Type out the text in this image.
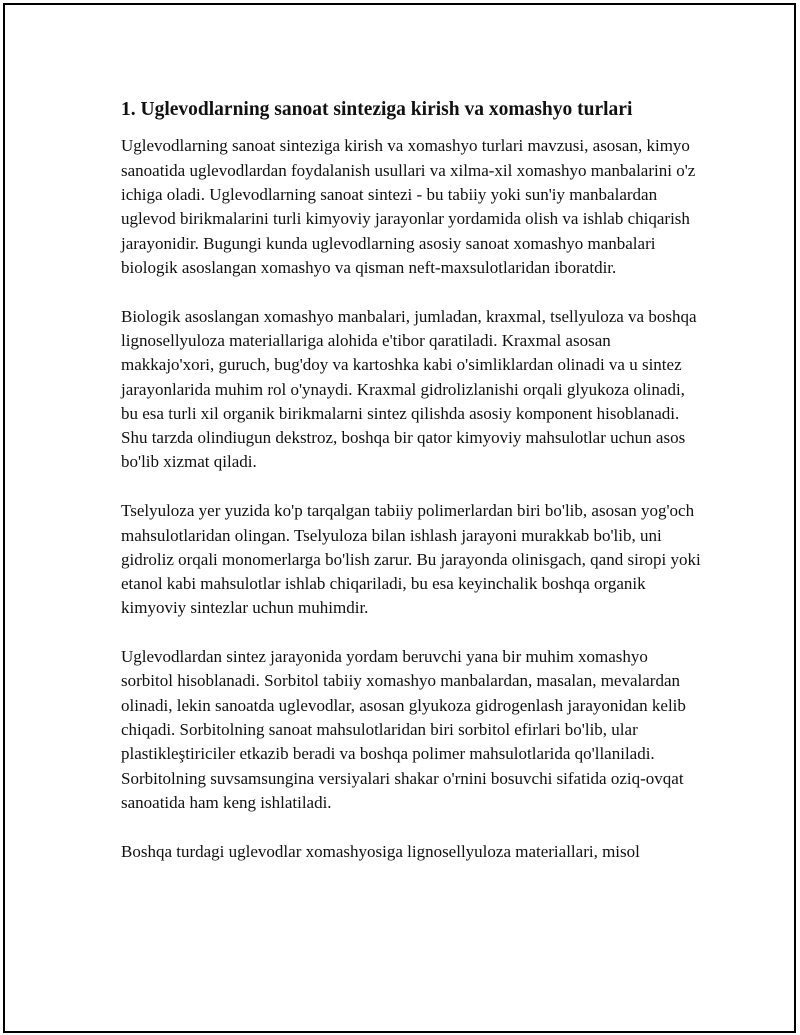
1. Uglevodlarning sanoat sinteziga kirish va xomashyo turlari

Uglevodlarning sanoat sinteziga kirish va xomashyo turlari mavzusi, asosan, kimyo sanoatida uglevodlardan foydalanish usullari va xilma-xil xomashyo manbalarini o'z ichiga oladi. Uglevodlarning sanoat sintezi - bu tabiiy yoki sun'iy manbalardan uglevod birikmalarini turli kimyoviy jarayonlar yordamida olish va ishlab chiqarish jarayonidir. Bugungi kunda uglevodlarning asosiy sanoat xomashyo manbalari biologik asoslangan xomashyo va qisman neft-maxsulotlaridan iboratdir.

Biologik asoslangan xomashyo manbalari, jumladan, kraxmal, tsellyuloza va boshqa lignosellyuloza materiallariga alohida e'tibor qaratiladi. Kraxmal asosan makkajo'xori, guruch, bug'doy va kartoshka kabi o'simliklardan olinadi va u sintez jarayonlarida muhim rol o'ynaydi. Kraxmal gidrolizlanishi orqali glyukoza olinadi, bu esa turli xil organik birikmalarni sintez qilishda asosiy komponent hisoblanadi. Shu tarzda olindiugun dekstroz, boshqa bir qator kimyoviy mahsulotlar uchun asos bo'lib xizmat qiladi.

Tselyuloza yer yuzida ko'p tarqalgan tabiiy polimerlardan biri bo'lib, asosan yog'och mahsulotlaridan olingan. Tselyuloza bilan ishlash jarayoni murakkab bo'lib, uni gidroliz orqali monomerlarga bo'lish zarur. Bu jarayonda olinisgach, qand siropi yoki etanol kabi mahsulotlar ishlab chiqariladi, bu esa keyinchalik boshqa organik kimyoviy sintezlar uchun muhimdir.

Uglevodlardan sintez jarayonida yordam beruvchi yana bir muhim xomashyo sorbitol hisoblanadi. Sorbitol tabiiy xomashyo manbalardan, masalan, mevalardan olinadi, lekin sanoatda uglevodlar, asosan glyukoza gidrogenlash jarayonidan kelib chiqadi. Sorbitolning sanoat mahsulotlaridan biri sorbitol efirlari bo'lib, ular plastikleştiriciler etkazib beradi va boshqa polimer mahsulotlarida qo'llaniladi. Sorbitolning suvsamsungina versiyalari shakar o'rnini bosuvchi sifatida oziq-ovqat sanoatida ham keng ishlatiladi.

Boshqa turdagi uglevodlar xomashyosiga lignosellyuloza materiallari, misol
